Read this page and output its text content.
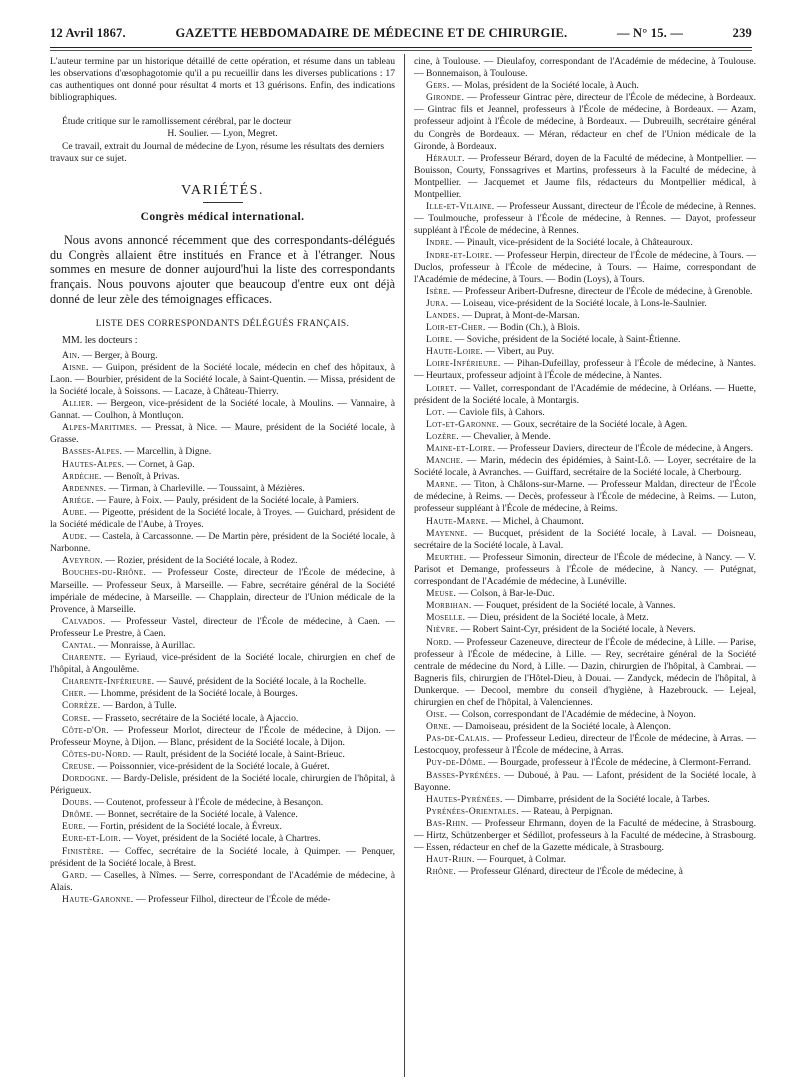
12 Avril 1867.	GAZETTE HEBDOMADAIRE DE MÉDECINE ET DE CHIRURGIE.	— N° 15. —	239

L'auteur termine par un historique détaillé de cette opération, et résume dans un tableau les observations d'œsophagotomie qu'il a pu recueillir dans les diverses publications : 17 cas authentiques ont donné pour résultat 4 morts et 13 guérisons. Enfin, des indications bibliographiques.

Étude critique sur le ramollissement cérébral, par le docteur

H. Soulier. — Lyon, Megret.

Ce travail, extrait du Journal de médecine de Lyon, résume les résultats des derniers travaux sur ce sujet.

VARIÉTÉS.
Congrès médical international.

Nous avons annoncé récemment que des correspondants-délégués du Congrès allaient être institués en France et à l'étranger. Nous sommes en mesure de donner aujourd'hui la liste des correspondants français. Nous pouvons ajouter que beaucoup d'entre eux ont déjà donné de leur zèle des témoignages efficaces.

LISTE DES CORRESPONDANTS DÉLÉGUÉS FRANÇAIS.

MM. les docteurs :

Ain. — Berger, à Bourg.

Aisne. — Guipon, président de la Société locale, médecin en chef des hôpitaux, à Laon. — Bourbier, président de la Société locale, à Saint-Quentin. — Missa, président de la Société locale, à Soissons. — Lacaze, à Château-Thierry.

Allier. — Bergeon, vice-président de la Société locale, à Moulins. — Vannaire, à Gannat. — Coulhon, à Montluçon.

Alpes-Maritimes. — Pressat, à Nice. — Maure, président de la Société locale, à Grasse.

Basses-Alpes. — Marcellin, à Digne.

Hautes-Alpes. — Cornet, à Gap.

Ardèche. — Benoît, à Privas.

Ardennes. — Tirman, à Charleville. — Toussaint, à Mézières.

Ariége. — Faure, à Foix. — Pauly, président de la Société locale, à Pamiers.

Aube. — Pigeotte, président de la Société locale, à Troyes. — Guichard, président de la Société médicale de l'Aube, à Troyes.

Aude. — Castela, à Carcassonne. — De Martin père, président de la Société locale, à Narbonne.

Aveyron. — Rozier, président de la Société locale, à Rodez.

Bouches-du-Rhône. — Professeur Coste, directeur de l'École de médecine, à Marseille. — Professeur Seux, à Marseille. — Fabre, secrétaire général de la Société impériale de médecine, à Marseille. — Chapplain, directeur de l'Union médicale de la Provence, à Marseille.

Calvados. — Professeur Vastel, directeur de l'École de médecine, à Caen. — Professeur Le Prestre, à Caen.

Cantal. — Monraisse, à Aurillac.

Charente. — Eyriaud, vice-président de la Société locale, chirurgien en chef de l'hôpital, à Angoulême.

Charente-Inférieure. — Sauvé, président de la Société locale, à la Rochelle.

Cher. — Lhomme, président de la Société locale, à Bourges.

Corrèze. — Bardon, à Tulle.

Corse. — Frasseto, secrétaire de la Société locale, à Ajaccio.

Côte-d'Or. — Professeur Morlot, directeur de l'École de médecine, à Dijon. — Professeur Moyne, à Dijon. — Blanc, président de la Société locale, à Dijon.

Côtes-du-Nord. — Rault, président de la Société locale, à Saint-Brieuc.

Creuse. — Poissonnier, vice-président de la Société locale, à Guéret.

Dordogne. — Bardy-Delisle, président de la Société locale, chirurgien de l'hôpital, à Périgueux.

Doubs. — Coutenot, professeur à l'École de médecine, à Besançon.

Drôme. — Bonnet, secrétaire de la Société locale, à Valence.

Eure. — Fortin, président de la Société locale, à Évreux.

Eure-et-Loir. — Voyet, président de la Société locale, à Chartres.

Finistère. — Coffec, secrétaire de la Société locale, à Quimper. — Penquer, président de la Société locale, à Brest.

Gard. — Caselles, à Nîmes. — Serre, correspondant de l'Académie de médecine, à Alais.

Haute-Garonne. — Professeur Filhol, directeur de l'École de méde-

cine, à Toulouse. — Dieulafoy, correspondant de l'Académie de médecine, à Toulouse. — Bonnemaison, à Toulouse.

Gers. — Molas, président de la Société locale, à Auch.

Gironde. — Professeur Gintrac père, directeur de l'École de médecine, à Bordeaux. — Gintrac fils et Jeannel, professeurs à l'École de médecine, à Bordeaux. — Azam, professeur adjoint à l'École de médecine, à Bordeaux. — Dubreuilh, secrétaire général du Congrès de Bordeaux. — Méran, rédacteur en chef de l'Union médicale de la Gironde, à Bordeaux.

Hérault. — Professeur Bérard, doyen de la Faculté de médecine, à Montpellier. — Bouisson, Courty, Fonssagrives et Martins, professeurs à la Faculté de médecine, à Montpellier. — Jacquemet et Jaume fils, rédacteurs du Montpellier médical, à Montpellier.

Ille-et-Vilaine. — Professeur Aussant, directeur de l'École de médecine, à Rennes. — Toulmouche, professeur à l'École de médecine, à Rennes. — Dayot, professeur suppléant à l'École de médecine, à Rennes.

Indre. — Pinault, vice-président de la Société locale, à Châteauroux.

Indre-et-Loire. — Professeur Herpin, directeur de l'École de médecine, à Tours. — Duclos, professeur à l'École de médecine, à Tours. — Haime, correspondant de l'Académie de médecine, à Tours. — Bodin (Loys), à Tours.

Isère. — Professeur Aribert-Dufresne, directeur de l'École de médecine, à Grenoble.

Jura. — Loiseau, vice-président de la Société locale, à Lons-le-Saulnier.

Landes. — Duprat, à Mont-de-Marsan.

Loir-et-Cher. — Bodin (Ch.), à Blois.

Loire. — Soviche, président de la Société locale, à Saint-Étienne.

Haute-Loire. — Vibert, au Puy.

Loire-Inférieure. — Pihan-Dufeillay, professeur à l'École de médecine, à Nantes. — Heurtaux, professeur adjoint à l'École de médecine, à Nantes.

Loiret. — Vallet, correspondant de l'Académie de médecine, à Orléans. — Huette, président de la Société locale, à Montargis.

Lot. — Caviole fils, à Cahors.

Lot-et-Garonne. — Goux, secrétaire de la Société locale, à Agen.

Lozère. — Chevalier, à Mende.

Maine-et-Loire. — Professeur Daviers, directeur de l'École de médecine, à Angers.

Manche. — Marin, médecin des épidémies, à Saint-Lô. — Loyer, secrétaire de la Société locale, à Avranches. — Guiffard, secrétaire de la Société locale, à Cherbourg.

Marne. — Titon, à Châlons-sur-Marne. — Professeur Maldan, directeur de l'École de médecine, à Reims. — Decès, professeur à l'École de médecine, à Reims. — Luton, professeur suppléant à l'École de médecine, à Reims.

Haute-Marne. — Michel, à Chaumont.

Mayenne. — Bucquet, président de la Société locale, à Laval. — Doisneau, secrétaire de la Société locale, à Laval.

Meurthe. — Professeur Simonin, directeur de l'École de médecine, à Nancy. — V. Parisot et Demange, professeurs à l'École de médecine, à Nancy. — Putégnat, correspondant de l'Académie de médecine, à Lunéville.

Meuse. — Colson, à Bar-le-Duc.

Morbihan. — Fouquet, président de la Société locale, à Vannes.

Moselle. — Dieu, président de la Société locale, à Metz.

Nièvre. — Robert Saint-Cyr, président de la Société locale, à Nevers.

Nord. — Professeur Cazeneuve, directeur de l'École de médecine, à Lille. — Parise, professeur à l'École de médecine, à Lille. — Rey, secrétaire général de la Société centrale de médecine du Nord, à Lille. — Dazin, chirurgien de l'hôpital, à Cambrai. — Bagneris fils, chirurgien de l'Hôtel-Dieu, à Douai. — Zandyck, médecin de l'hôpital, à Dunkerque. — Decool, membre du conseil d'hygiène, à Hazebrouck. — Lejeal, chirurgien en chef de l'hôpital, à Valenciennes.

Oise. — Colson, correspondant de l'Académie de médecine, à Noyon.

Orne. — Damoiseau, président de la Société locale, à Alençon.

Pas-de-Calais. — Professeur Ledieu, directeur de l'École de médecine, à Arras. — Lestocquoy, professeur à l'École de médecine, à Arras.

Puy-de-Dôme. — Bourgade, professeur à l'École de médecine, à Clermont-Ferrand.

Basses-Pyrénées. — Duboué, à Pau. — Lafont, président de la Société locale, à Bayonne.

Hautes-Pyrénées. — Dimbarre, président de la Société locale, à Tarbes.

Pyrénées-Orientales. — Rateau, à Perpignan.

Bas-Rhin. — Professeur Ehrmann, doyen de la Faculté de médecine, à Strasbourg. — Hirtz, Schützenberger et Sédillot, professeurs à la Faculté de médecine, à Strasbourg. — Essen, rédacteur en chef de la Gazette médicale, à Strasbourg.

Haut-Rhin. — Fourquet, à Colmar.

Rhône. — Professeur Glénard, directeur de l'École de médecine, à
